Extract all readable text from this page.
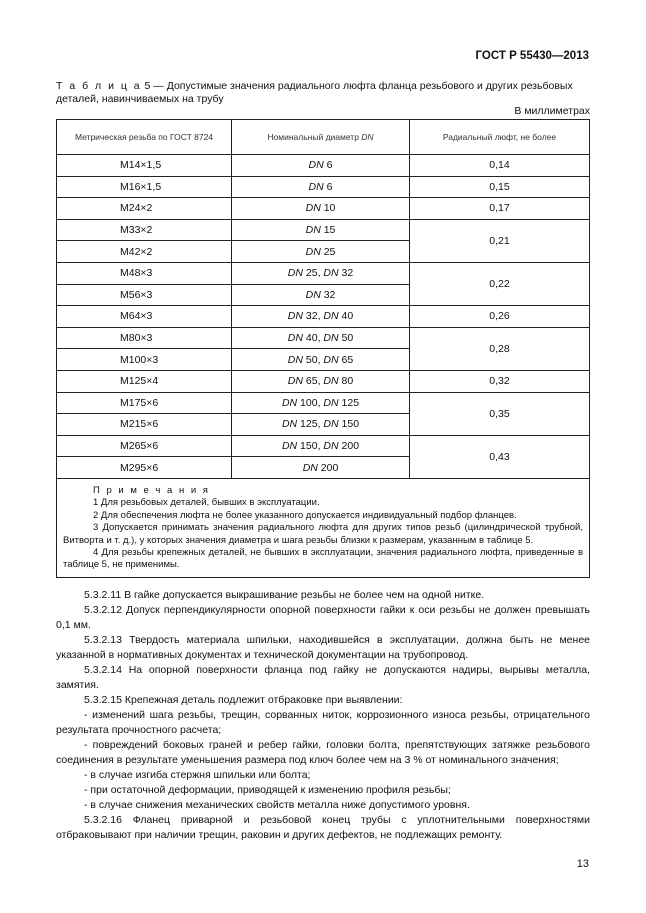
ГОСТ Р 55430—2013
Т а б л и ц а 5 — Допустимые значения радиального люфта фланца резьбового и других резьбовых деталей, навинчиваемых на трубу
В миллиметрах
Метрическая резьба по ГОСТ 8724	Номинальный диаметр DN	Радиальный люфт, не более
M14×1,5	DN 6	0,14
M16×1,5	DN 6	0,15
M24×2	DN 10	0,17
M33×2	DN 15	0,21
M42×2	DN 25	
M48×3	DN 25, DN 32	0,22
M56×3	DN 32	
M64×3	DN 32, DN 40	0,26
M80×3	DN 40, DN 50	0,28
M100×3	DN 50, DN 65	
M125×4	DN 65, DN 80	0,32
M175×6	DN 100, DN 125	0,35
M215×6	DN 125, DN 150	
M265×6	DN 150, DN 200	0,43
M295×6	DN 200	

П р и м е ч а н и я

1 Для резьбовых деталей, бывших в эксплуатации.

2 Для обеспечения люфта не более указанного допускается индивидуальный подбор фланцев.

3 Допускается принимать значения радиального люфта для других типов резьб (цилиндрической трубной, Витворта и т. д.), у которых значения диаметра и шага резьбы близки к размерам, указанным в таблице 5.

4 Для резьбы крепежных деталей, не бывших в эксплуатации, значения радиального люфта, приведенные в таблице 5, не применимы.		

5.3.2.11 В гайке допускается выкрашивание резьбы не более чем на одной нитке.

5.3.2.12 Допуск перпендикулярности опорной поверхности гайки к оси резьбы не должен превышать 0,1 мм.

5.3.2.13 Твердость материала шпильки, находившейся в эксплуатации, должна быть не менее указанной в нормативных документах и технической документации на трубопровод.

5.3.2.14 На опорной поверхности фланца под гайку не допускаются надиры, вырывы металла, замятия.

5.3.2.15 Крепежная деталь подлежит отбраковке при выявлении:

- изменений шага резьбы, трещин, сорванных ниток, коррозионного износа резьбы, отрицательного результата прочностного расчета;

- повреждений боковых граней и ребер гайки, головки болта, препятствующих затяжке резьбового соединения в результате уменьшения размера под ключ более чем на 3 % от номинального значения;

- в случае изгиба стержня шпильки или болта;

- при остаточной деформации, приводящей к изменению профиля резьбы;

- в случае снижения механических свойств металла ниже допустимого уровня.

5.3.2.16 Фланец приварной и резьбовой конец трубы с уплотнительными поверхностями отбраковывают при наличии трещин, раковин и других дефектов, не подлежащих ремонту.

13
